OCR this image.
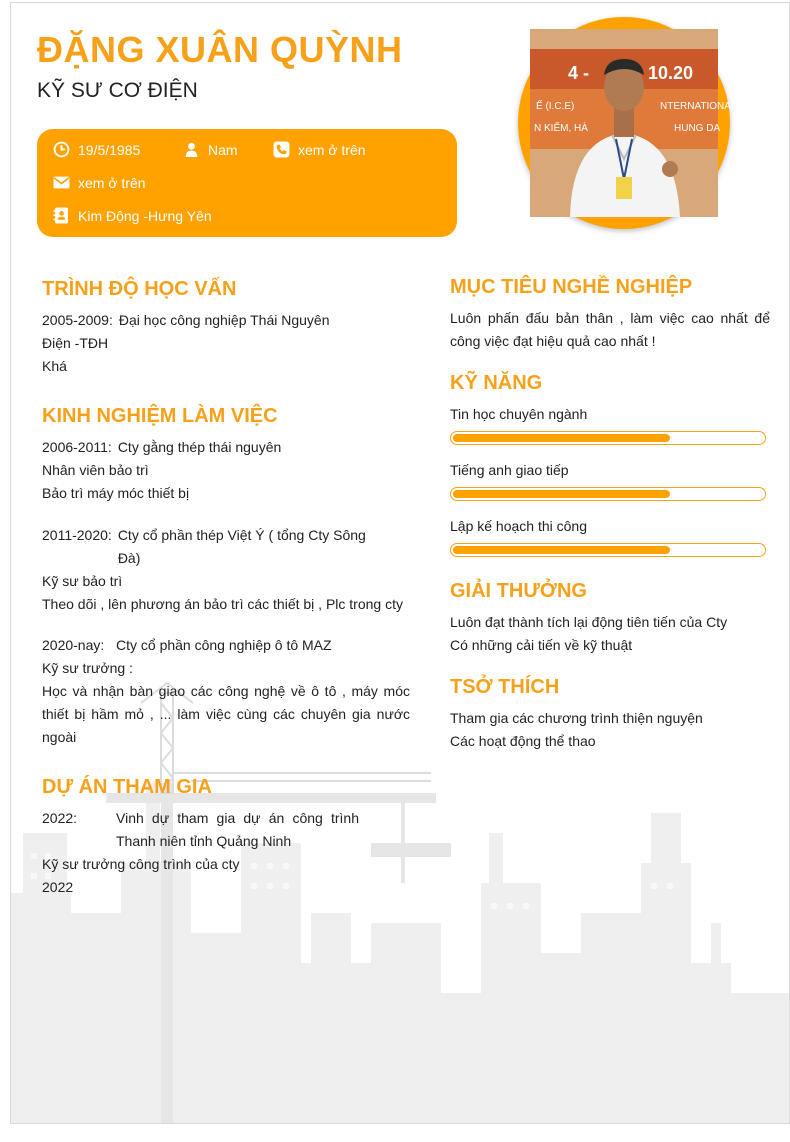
ĐẶNG XUÂN QUỲNH
KỸ SƯ CƠ ĐIỆN
19/5/1985	Nam	xem ở trên
xem ở trên
Kim Động -Hưng Yên
4 -	10.20
Ế (I.C.E)	NTERNATIONAL
N KIỂM, HÀ	HUNG DA
TRÌNH ĐỘ HỌC VẤN
2005-2009: Đại học công nghiệp Thái Nguyên
Điện -TĐH
Khá
KINH NGHIỆM LÀM VIỆC
2006-2011: Cty gằng thép thái nguyên
Nhân viên bảo trì
Bảo trì máy móc thiết bị
2011-2020: Cty cổ phần thép Việt Ý ( tổng Cty Sông Đà)
Kỹ sư bảo trì
Theo dõi , lên phương án bảo trì các thiết bị , Plc trong cty
2020-nay: Cty cổ phần công nghiệp ô tô MAZ
Kỹ sư trưởng :
Học và nhận bàn giao các công nghệ về ô tô , máy móc thiết bị hầm mỏ , ... làm việc cùng các chuyên gia nước ngoài
DỰ ÁN THAM GIA
2022:	Vinh dự tham gia dự án công trình Thanh niên tỉnh Quảng Ninh
Kỹ sư trưởng công trình của cty
2022
MỤC TIÊU NGHỀ NGHIỆP
Luôn phấn đấu bản thân , làm việc cao nhất để công việc đạt hiệu quả cao nhất !
KỸ NĂNG
Tin học chuyên ngành
Tiếng anh giao tiếp
Lập kế hoạch thi công
GIẢI THƯỞNG
Luôn đạt thành tích lại động tiên tiến của Cty
Có những cải tiến về kỹ thuật
TSỞ THÍCH
Tham gia các chương trình thiện nguyện
Các hoạt động thể thao
